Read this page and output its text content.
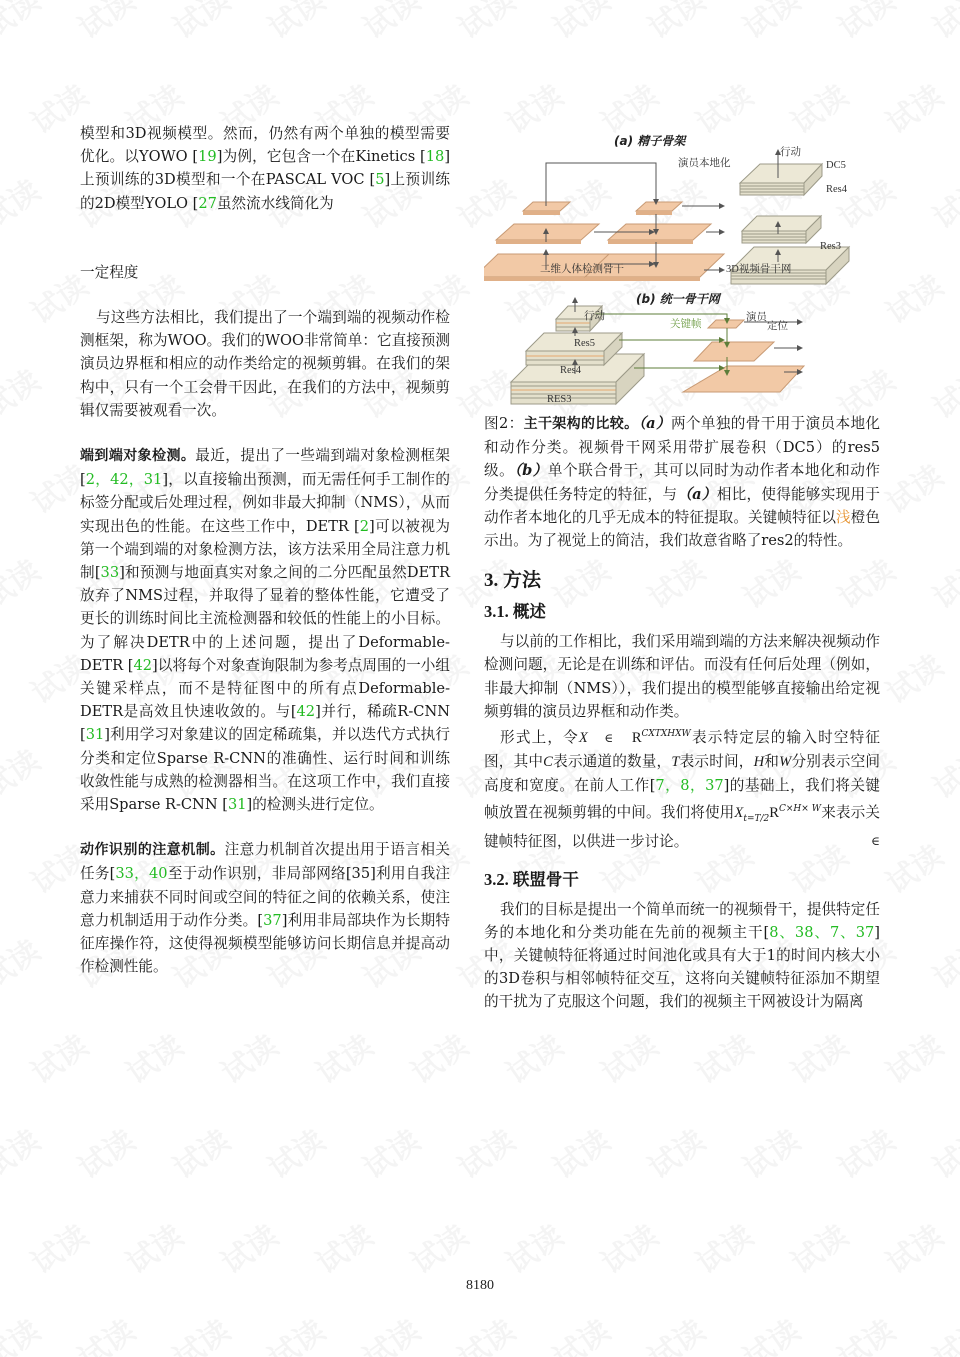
模型和3D视频模型。然而，仍然有两个单独的模型需要优化。以YOWO [19]为例，它包含一个在Kinetics [18]上预训练的3D模型和一个在PASCAL VOC [5]上预训练的2D模型YOLO [27虽然流水线简化为

一定程度

与这些方法相比，我们提出了一个端到端的视频动作检测框架，称为WOO。我们的WOO非常简单：它直接预测演员边界框和相应的动作类给定的视频剪辑。在我们的架构中，只有一个工会骨干因此，在我们的方法中，视频剪辑仅需要被观看一次。

端到端对象检测。最近，提出了一些端到端对象检测框架[2，42，31]，以直接输出预测，而无需任何手工制作的标签分配或后处理过程，例如非最大抑制（NMS），从而实现出色的性能。在这些工作中，DETR [2]可以被视为第一个端到端的对象检测方法，该方法采用全局注意力机制[33]和预测与地面真实对象之间的二分匹配虽然DETR放弃了NMS过程，并取得了显着的整体性能，它遭受了更长的训练时间比主流检测器和较低的性能上的小目标。为了解决DETR中的上述问题，提出了Deformable-DETR [42]以将每个对象查询限制为参考点周围的一小组关键采样点，而不是特征图中的所有点Deformable-DETR是高效且快速收敛的。与[42]并行，稀疏R-CNN [31]利用学习对象建议的固定稀疏集，并以迭代方式执行分类和定位Sparse R-CNN的准确性、运行时间和训练收敛性能与成熟的检测器相当。在这项工作中，我们直接采用Sparse R-CNN [31]的检测头进行定位。

动作识别的注意机制。注意力机制首次提出用于语言相关任务[33，40至于动作识别，非局部网络[35]利用自我注意力来捕获不同时间或空间的特征之间的依赖关系，使注意力机制适用于动作分类。[37]利用非局部块作为长期特征库操作符，这使得视频模型能够访问长期信息并提高动作检测性能。

(a) 精子骨架
演员本地化
行动
DC5
Res4
Res3
二维人体检测骨干	3D视频骨干网
(b) 统一骨干网
行动
关键帧
演员
定位
Res5
Res4
RES3

图2：主干架构的比较。（a）两个单独的骨干用于演员本地化和动作分类。视频骨干网采用带扩展卷积（DC5）的res5级。（b）单个联合骨干，其可以同时为动作者本地化和动作分类提供任务特定的特征，与（a）相比，使得能够实现用于动作者本地化的几乎无成本的特征提取。关键帧特征以浅橙色示出。为了视觉上的简洁，我们故意省略了res2的特性。

3. 方法
3.1. 概述

与以前的工作相比，我们采用端到端的方法来解决视频动作检测问题，无论是在训练和评估。而没有任何后处理（例如，非最大抑制（NMS）），我们提出的模型能够直接输出给定视频剪辑的演员边界框和动作类。

形式上，令X ∈ $R^{CXTXHXW}$表示特定层的输入时空特征图，其中C表示通道的数量，T表示时间，H和W分别表示空间高度和宽度。在前人工作[7，8，37]的基础上，我们将关键帧放置在视频剪辑的中间。我们将使用$X_{t=T/2}R^{C\times H\times W}$来表示关键帧特征图，以供进一步讨论。	∈

3.2. 联盟骨干

我们的目标是提出一个简单而统一的视频骨干，提供特定任务的本地化和分类功能在先前的视频主干[8、38、7、37]中，关键帧特征将通过时间池化或具有大于1的时间内核大小的3D卷积与相邻帧特征交互，这将向关键帧特征添加不期望的干扰为了克服这个问题，我们的视频主干网被设计为隔离

8180
